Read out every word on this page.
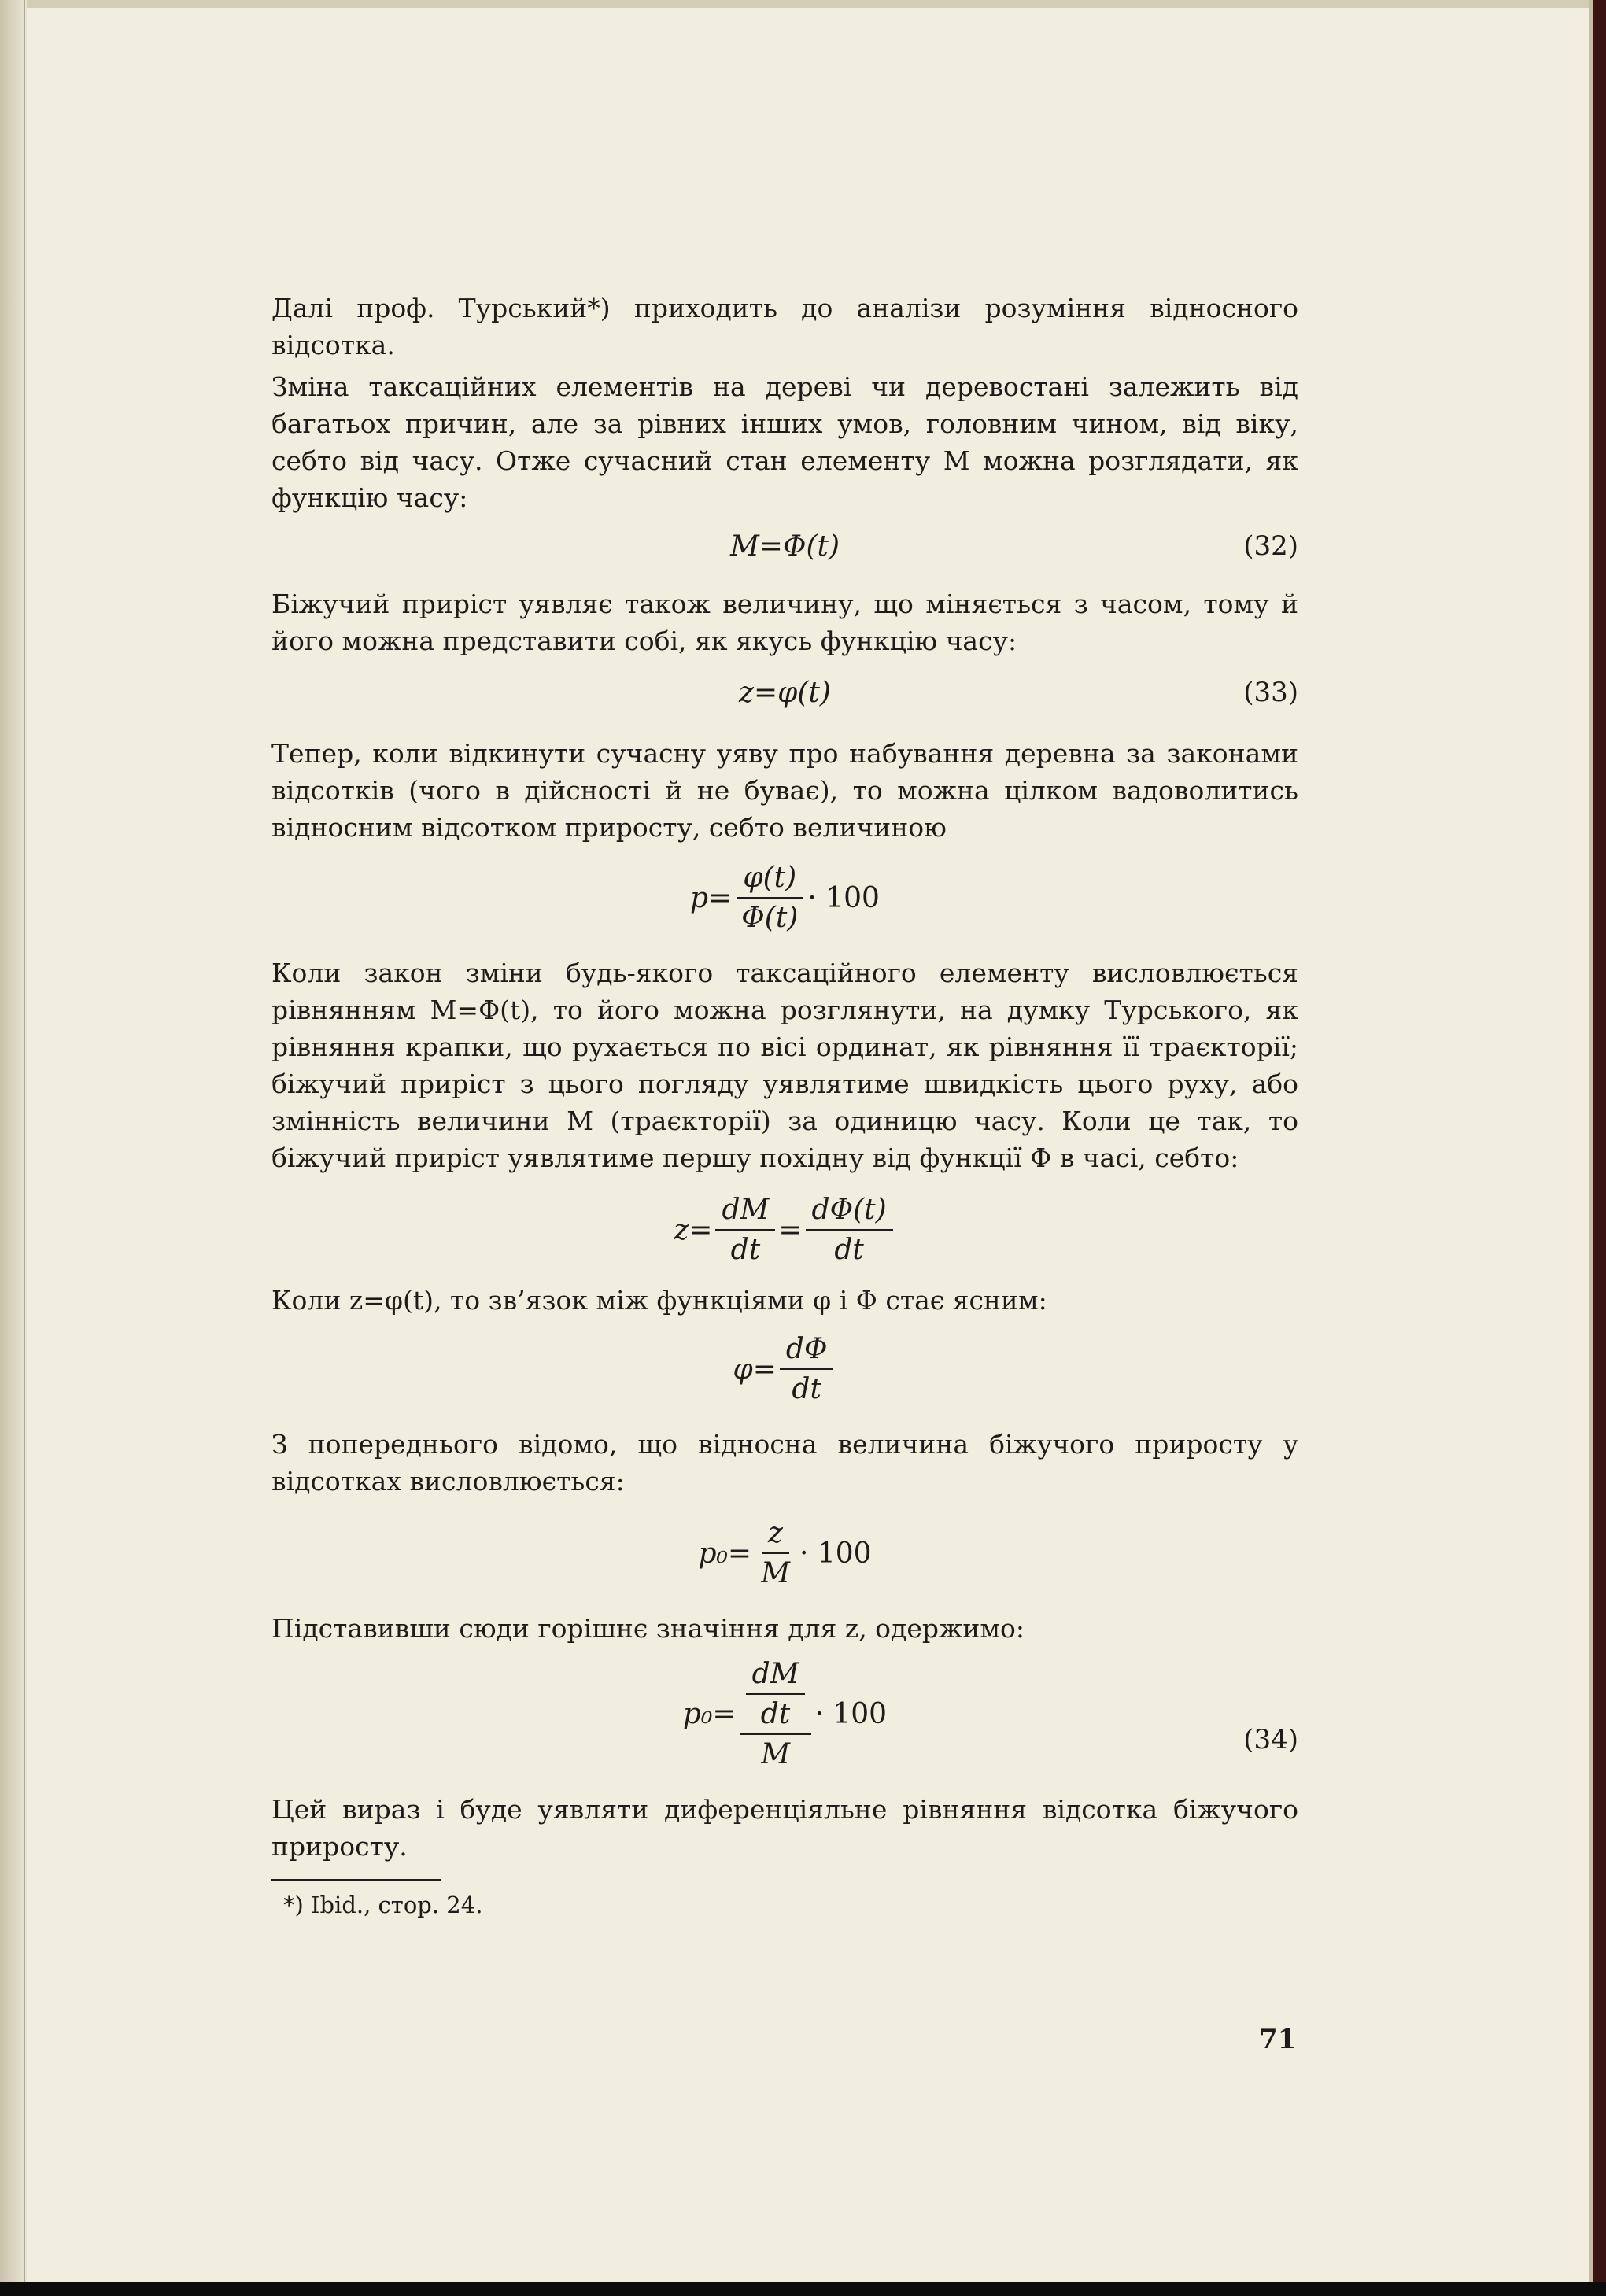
Далі проф. Турський*) приходить до аналізи розуміння відносного відсотка.

Зміна таксаційних елементів на дереві чи деревостані залежить від багатьох причин, але за рівних інших умов, головним чином, від віку, себто від часу. Отже сучасний стан елементу M можна розглядати, як функцію часу:

M=Φ(t)	(32)

Біжучий приріст уявляє також величину, що міняється з часом, тому й його можна представити собі, як якусь функцію часу:

z=φ(t)	(33)

Тепер, коли відкинути сучасну уяву про набування деревна за законами відсотків (чого в дійсності й не буває), то можна цілком вадоволитись відносним відсотком приросту, себто величиною

$p= \frac{\varphi(t)}{\Phi(t)} \cdot 100$

Коли закон зміни будь-якого таксаційного елементу висловлюється рівнянням M=Φ(t), то його можна розглянути, на думку Турського, як рівняння крапки, що рухається по вісі ординат, як рівняння її траєкторії; біжучий приріст з цього погляду уявлятиме швидкість цього руху, або змінність величини M (траєкторії) за одиницю часу. Коли це так, то біжучий приріст уявлятиме першу похідну від функції Φ в часі, себто:

$z= \frac{dM}{dt} = \frac{d\Phi(t)}{dt}$

Коли z=φ(t), то зв’язок між функціями φ і Φ стає ясним:

$\varphi= \frac{d\Phi}{dt}$

З попереднього відомо, що відносна величина біжучого приросту у відсотках висловлюється:

$p_0= \frac{z}{M} \cdot 100$

Підставивши сюди горішнє значіння для z, одержимо:

$p_0= \frac{\frac{dM}{dt}}{M} \cdot 100$
(34)

Цей вираз і буде уявляти диференціяльне рівняння відсотка біжучого приросту.

*) Ibid., стор. 24.
71
